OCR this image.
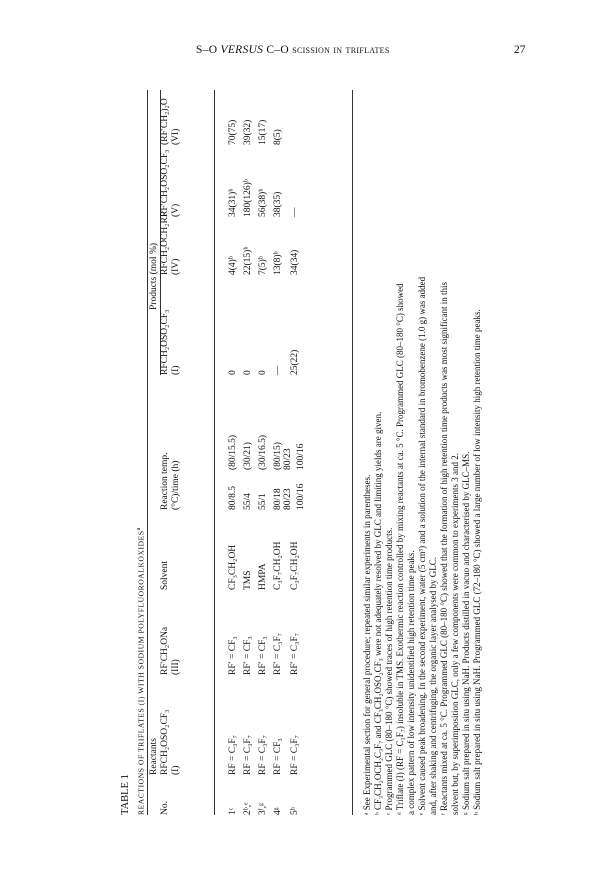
S–O VERSUS C–O scission in triflates	27
TABLE 1 REACTIONS OF TRIFLATES (I) WITH SODIUM POLYFLUOROALKOXIDES$^a$
Reactants
Products (mol %)
No.
RFCH₂OSO₂CF₃ (I)
RF′CH₂ONa (III)
Solvent
Reaction temp. (°C)/time (h)
RFCH₂OSO₂CF₃ (I)
RFCH₂OCH₂RF′ (IV)
RF′CH₂OSO₂CF₃ (V)
(RF′CH₂)₂O (VI)
1ᶜ
RF = C₃F₇
RF′ = CF₃
CF₃CH₂OH
80/8.5
(80/15.5)
0
4(4)ᵇ
34(31)ᵇ
70(75)
2ᵇ,ᵉ
RF = C₃F₇
RF′ = CF₃
TMS
55/4
(30/21)
0
22(15)ᵇ
180(126)ᵇ
39(32)
3ᶠ,ᵍ
RF = C₃F₇
RF′ = CF₃
HMPA
55/1
(30/16.5)
0
7(5)ᵇ
56(38)ᵇ
15(17)
4ᵍ
RF = CF₃
RF′ = C₃F₇
C₃F₇CH₂OH
80/18
(80/15)
—
13(8)ᵇ
38(35)
8(5)
5ʰ
RF = C₃F₇
RF′ = C₃F₇
C₃F₇CH₂OH
80/23 100/16
80/23 100/16
25(22)
34(34)
—
ᵃ See Experimental section for general procedure; repeated similar experiments in parentheses. ᵇ CF₃CH₂OCH₂C₃F₇ and CF₃CH₂OSO₂CF₃ were not adequately resolved by GLC and limiting yields are given. ᶜ Programmed GLC (80–180 °C) showed traces of high retention time products. ᵈ Triflate (I) (RF = C₃F₇) insoluble in TMS. Exothermic reaction controlled by mixing reactants at ca. 5 °C. Programmed GLC (80–180 °C) showed a complex pattern of low intensity unidentified high retention time peaks. ᵉ Solvent caused peak broadening. In the second experiment, water (5 cm³) and a solution of the internal standard in bromobenzene (1.0 g) was added and, after shaking and centrifuging, the organic layer analysed by GLC. ᶠ Reactants mixed at ca. 5 °C. Programmed GLC (80–180 °C) showed that the formation of high retention time products was most significant in this solvent but, by superimposition GLC, only a few components were common to experiments 3 and 2. ᵍ Sodium salt prepared in situ using NaH. Products distilled in vacuo and characterised by GLC–MS. ʰ Sodium salt prepared in situ using NaH. Programmed GLC (72–180 °C) showed a large number of low intensity high retention time peaks.
